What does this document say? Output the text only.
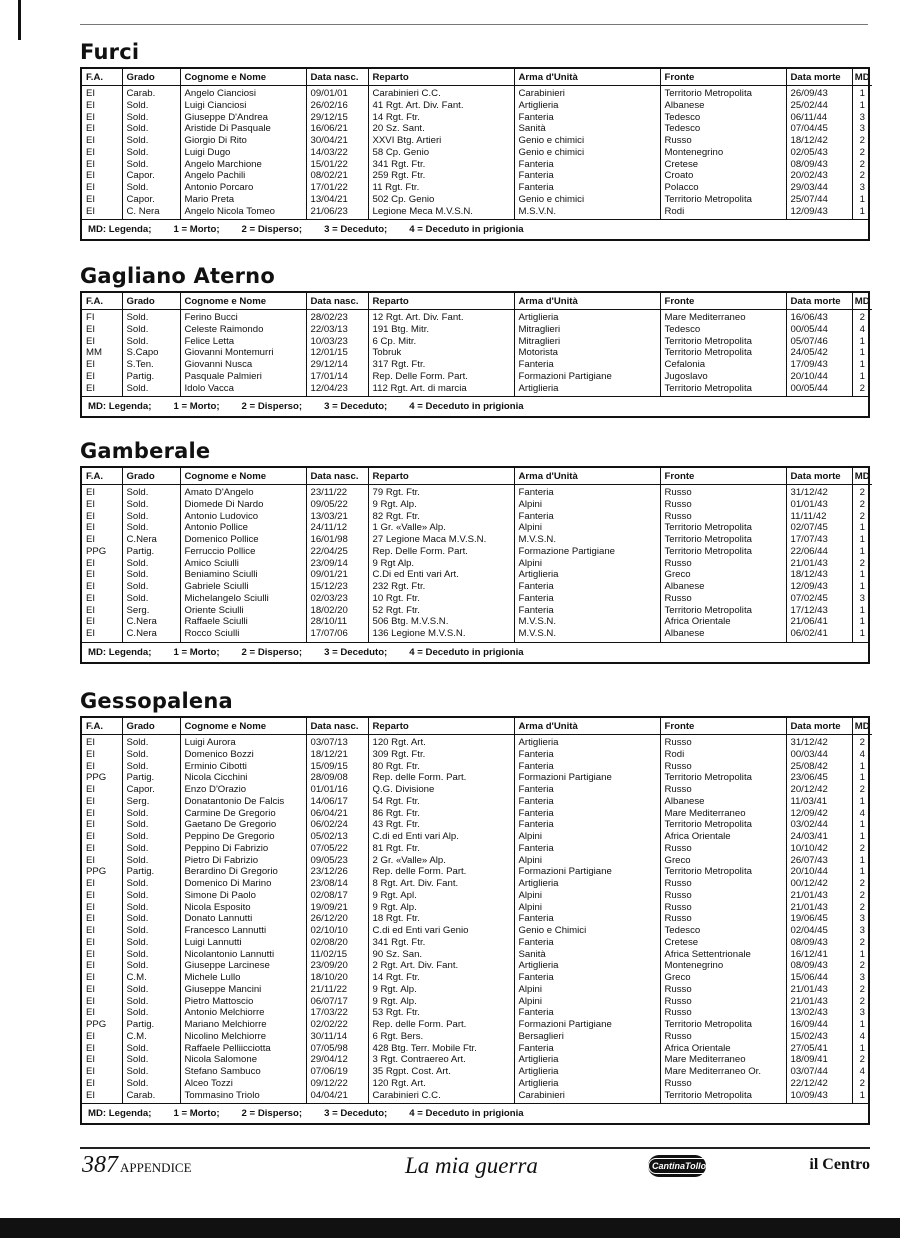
Furci
F.A.	Grado	Cognome e Nome	Data nasc.	Reparto	Arma d'Unità	Fronte	Data morte	MD
EI	Carab.	Angelo Cianciosi	09/01/01	Carabinieri C.C.	Carabinieri	Territorio Metropolita	26/09/43	1
EI	Sold.	Luigi Cianciosi	26/02/16	41 Rgt. Art. Div. Fant.	Artiglieria	Albanese	25/02/44	1
EI	Sold.	Giuseppe D'Andrea	29/12/15	14 Rgt. Ftr.	Fanteria	Tedesco	06/11/44	3
EI	Sold.	Aristide Di Pasquale	16/06/21	20 Sz. Sant.	Sanità	Tedesco	07/04/45	3
EI	Sold.	Giorgio Di Rito	30/04/21	XXVI Btg. Artieri	Genio e chimici	Russo	18/12/42	2
EI	Sold.	Luigi Dugo	14/03/22	58 Cp. Genio	Genio e chimici	Montenegrino	02/05/43	2
EI	Sold.	Angelo Marchione	15/01/22	341 Rgt. Ftr.	Fanteria	Cretese	08/09/43	2
EI	Capor.	Angelo Pachili	08/02/21	259 Rgt. Ftr.	Fanteria	Croato	20/02/43	2
EI	Sold.	Antonio Porcaro	17/01/22	11 Rgt. Ftr.	Fanteria	Polacco	29/03/44	3
EI	Capor.	Mario Preta	13/04/21	502 Cp. Genio	Genio e chimici	Territorio Metropolita	25/07/44	1
EI	C. Nera	Angelo Nicola Tomeo	21/06/23	Legione Meca M.V.S.N.	M.S.V.N.	Rodi	12/09/43	1
MD: Legenda; 1 = Morto; 2 = Disperso; 3 = Deceduto; 4 = Deceduto in prigionia
Gagliano Aterno
F.A.	Grado	Cognome e Nome	Data nasc.	Reparto	Arma d'Unità	Fronte	Data morte	MD
FI	Sold.	Ferino Bucci	28/02/23	12 Rgt. Art. Div. Fant.	Artiglieria	Mare Mediterraneo	16/06/43	2
EI	Sold.	Celeste Raimondo	22/03/13	191 Btg. Mitr.	Mitraglieri	Tedesco	00/05/44	4
EI	Sold.	Felice Letta	10/03/23	6 Cp. Mitr.	Mitraglieri	Territorio Metropolita	05/07/46	1
MM	S.Capo	Giovanni Montemurri	12/01/15	Tobruk	Motorista	Territorio Metropolita	24/05/42	1
EI	S.Ten.	Giovanni Nusca	29/12/14	317 Rgt. Ftr.	Fanteria	Cefalonia	17/09/43	1
EI	Partig.	Pasquale Palmieri	17/01/14	Rep. Delle Form. Part.	Formazioni Partigiane	Jugoslavo	20/10/44	1
EI	Sold.	Idolo Vacca	12/04/23	112 Rgt. Art. di marcia	Artiglieria	Territorio Metropolita	00/05/44	2
MD: Legenda; 1 = Morto; 2 = Disperso; 3 = Deceduto; 4 = Deceduto in prigionia
Gamberale
F.A.	Grado	Cognome e Nome	Data nasc.	Reparto	Arma d'Unità	Fronte	Data morte	MD
EI	Sold.	Amato D'Angelo	23/11/22	79 Rgt. Ftr.	Fanteria	Russo	31/12/42	2
EI	Sold.	Diomede Di Nardo	09/05/22	9 Rgt. Alp.	Alpini	Russo	01/01/43	2
EI	Sold.	Antonio Ludovico	13/03/21	82 Rgt. Ftr.	Fanteria	Russo	11/11/42	2
EI	Sold.	Antonio Pollice	24/11/12	1 Gr. «Valle» Alp.	Alpini	Territorio Metropolita	02/07/45	1
EI	C.Nera	Domenico Pollice	16/01/98	27 Legione Maca M.V.S.N.	M.V.S.N.	Territorio Metropolita	17/07/43	1
PPG	Partig.	Ferruccio Pollice	22/04/25	Rep. Delle Form. Part.	Formazione Partigiane	Territorio Metropolita	22/06/44	1
EI	Sold.	Amico Sciulli	23/09/14	9 Rgt Alp.	Alpini	Russo	21/01/43	2
EI	Sold.	Beniamino Sciulli	09/01/21	C.Di ed Enti vari Art.	Artiglieria	Greco	18/12/43	1
EI	Sold.	Gabriele Sciulli	15/12/23	232 Rgt. Ftr.	Fanteria	Albanese	12/09/43	1
EI	Sold.	Michelangelo Sciulli	02/03/23	10 Rgt. Ftr.	Fanteria	Russo	07/02/45	3
EI	Serg.	Oriente Sciulli	18/02/20	52 Rgt. Ftr.	Fanteria	Territorio Metropolita	17/12/43	1
EI	C.Nera	Raffaele Sciulli	28/10/11	506 Btg. M.V.S.N.	M.V.S.N.	Africa Orientale	21/06/41	1
EI	C.Nera	Rocco Sciulli	17/07/06	136 Legione M.V.S.N.	M.V.S.N.	Albanese	06/02/41	1
MD: Legenda; 1 = Morto; 2 = Disperso; 3 = Deceduto; 4 = Deceduto in prigionia
Gessopalena
F.A.	Grado	Cognome e Nome	Data nasc.	Reparto	Arma d'Unità	Fronte	Data morte	MD
EI	Sold.	Luigi Aurora	03/07/13	120 Rgt. Art.	Artiglieria	Russo	31/12/42	2
EI	Sold.	Domenico Bozzi	18/12/21	309 Rgt. Ftr.	Fanteria	Rodi	00/03/44	4
EI	Sold.	Erminio Cibotti	15/09/15	80 Rgt. Ftr.	Fanteria	Russo	25/08/42	1
PPG	Partig.	Nicola Cicchini	28/09/08	Rep. delle Form. Part.	Formazioni Partigiane	Territorio Metropolita	23/06/45	1
EI	Capor.	Enzo D'Orazio	01/01/16	Q.G. Divisione	Fanteria	Russo	20/12/42	2
EI	Serg.	Donatantonio De Falcis	14/06/17	54 Rgt. Ftr.	Fanteria	Albanese	11/03/41	1
EI	Sold.	Carmine De Gregorio	06/04/21	86 Rgt. Ftr.	Fanteria	Mare Mediterraneo	12/09/42	4
EI	Sold.	Gaetano De Gregorio	06/02/24	43 Rgt. Ftr.	Fanteria	Territorio Metropolita	03/02/44	1
EI	Sold.	Peppino De Gregorio	05/02/13	C.di ed Enti vari Alp.	Alpini	Africa Orientale	24/03/41	1
EI	Sold.	Peppino Di Fabrizio	07/05/22	81 Rgt. Ftr.	Fanteria	Russo	10/10/42	2
EI	Sold.	Pietro Di Fabrizio	09/05/23	2 Gr. «Valle» Alp.	Alpini	Greco	26/07/43	1
PPG	Partig.	Berardino Di Gregorio	23/12/26	Rep. delle Form. Part.	Formazioni Partigiane	Territorio Metropolita	20/10/44	1
EI	Sold.	Domenico Di Marino	23/08/14	8 Rgt. Art. Div. Fant.	Artiglieria	Russo	00/12/42	2
EI	Sold.	Simone Di Paolo	02/08/17	9 Rgt. Apl.	Alpini	Russo	21/01/43	2
EI	Sold.	Nicola Esposito	19/09/21	9 Rgt. Alp.	Alpini	Russo	21/01/43	2
EI	Sold.	Donato Lannutti	26/12/20	18 Rgt. Ftr.	Fanteria	Russo	19/06/45	3
EI	Sold.	Francesco Lannutti	02/10/10	C.di ed Enti vari Genio	Genio e Chimici	Tedesco	02/04/45	3
EI	Sold.	Luigi Lannutti	02/08/20	341 Rgt. Ftr.	Fanteria	Cretese	08/09/43	2
EI	Sold.	Nicolantonio Lannutti	11/02/15	90 Sz. San.	Sanità	Africa Settentrionale	16/12/41	1
EI	Sold.	Giuseppe Larcinese	23/09/20	2 Rgt. Art. Div. Fant.	Artiglieria	Montenegrino	08/09/43	2
EI	C.M.	Michele Lullo	18/10/20	14 Rgt. Ftr.	Fanteria	Greco	15/06/44	3
EI	Sold.	Giuseppe Mancini	21/11/22	9 Rgt. Alp.	Alpini	Russo	21/01/43	2
EI	Sold.	Pietro Mattoscio	06/07/17	9 Rgt. Alp.	Alpini	Russo	21/01/43	2
EI	Sold.	Antonio Melchiorre	17/03/22	53 Rgt. Ftr.	Fanteria	Russo	13/02/43	3
PPG	Partig.	Mariano Melchiorre	02/02/22	Rep. delle Form. Part.	Formazioni Partigiane	Territorio Metropolita	16/09/44	1
EI	C.M.	Nicolino Melchiorre	30/11/14	6 Rgt. Bers.	Bersaglieri	Russo	15/02/43	4
EI	Sold.	Raffaele Pelliicciotta	07/05/98	428 Btg. Terr. Mobile Ftr.	Fanteria	Africa Orientale	27/05/41	1
EI	Sold.	Nicola Salomone	29/04/12	3 Rgt. Contraereo Art.	Artiglieria	Mare Mediterraneo	18/09/41	2
EI	Sold.	Stefano Sambuco	07/06/19	35 Rgpt. Cost. Art.	Artiglieria	Mare Mediterraneo Or.	03/07/44	4
EI	Sold.	Alceo Tozzi	09/12/22	120 Rgt. Art.	Artiglieria	Russo	22/12/42	2
EI	Carab.	Tommasino Triolo	04/04/21	Carabinieri C.C.	Carabinieri	Territorio Metropolita	10/09/43	1
MD: Legenda; 1 = Morto; 2 = Disperso; 3 = Deceduto; 4 = Deceduto in prigionia
387 APPENDICE	La mia guerra	CantinaTollo	il Centro
